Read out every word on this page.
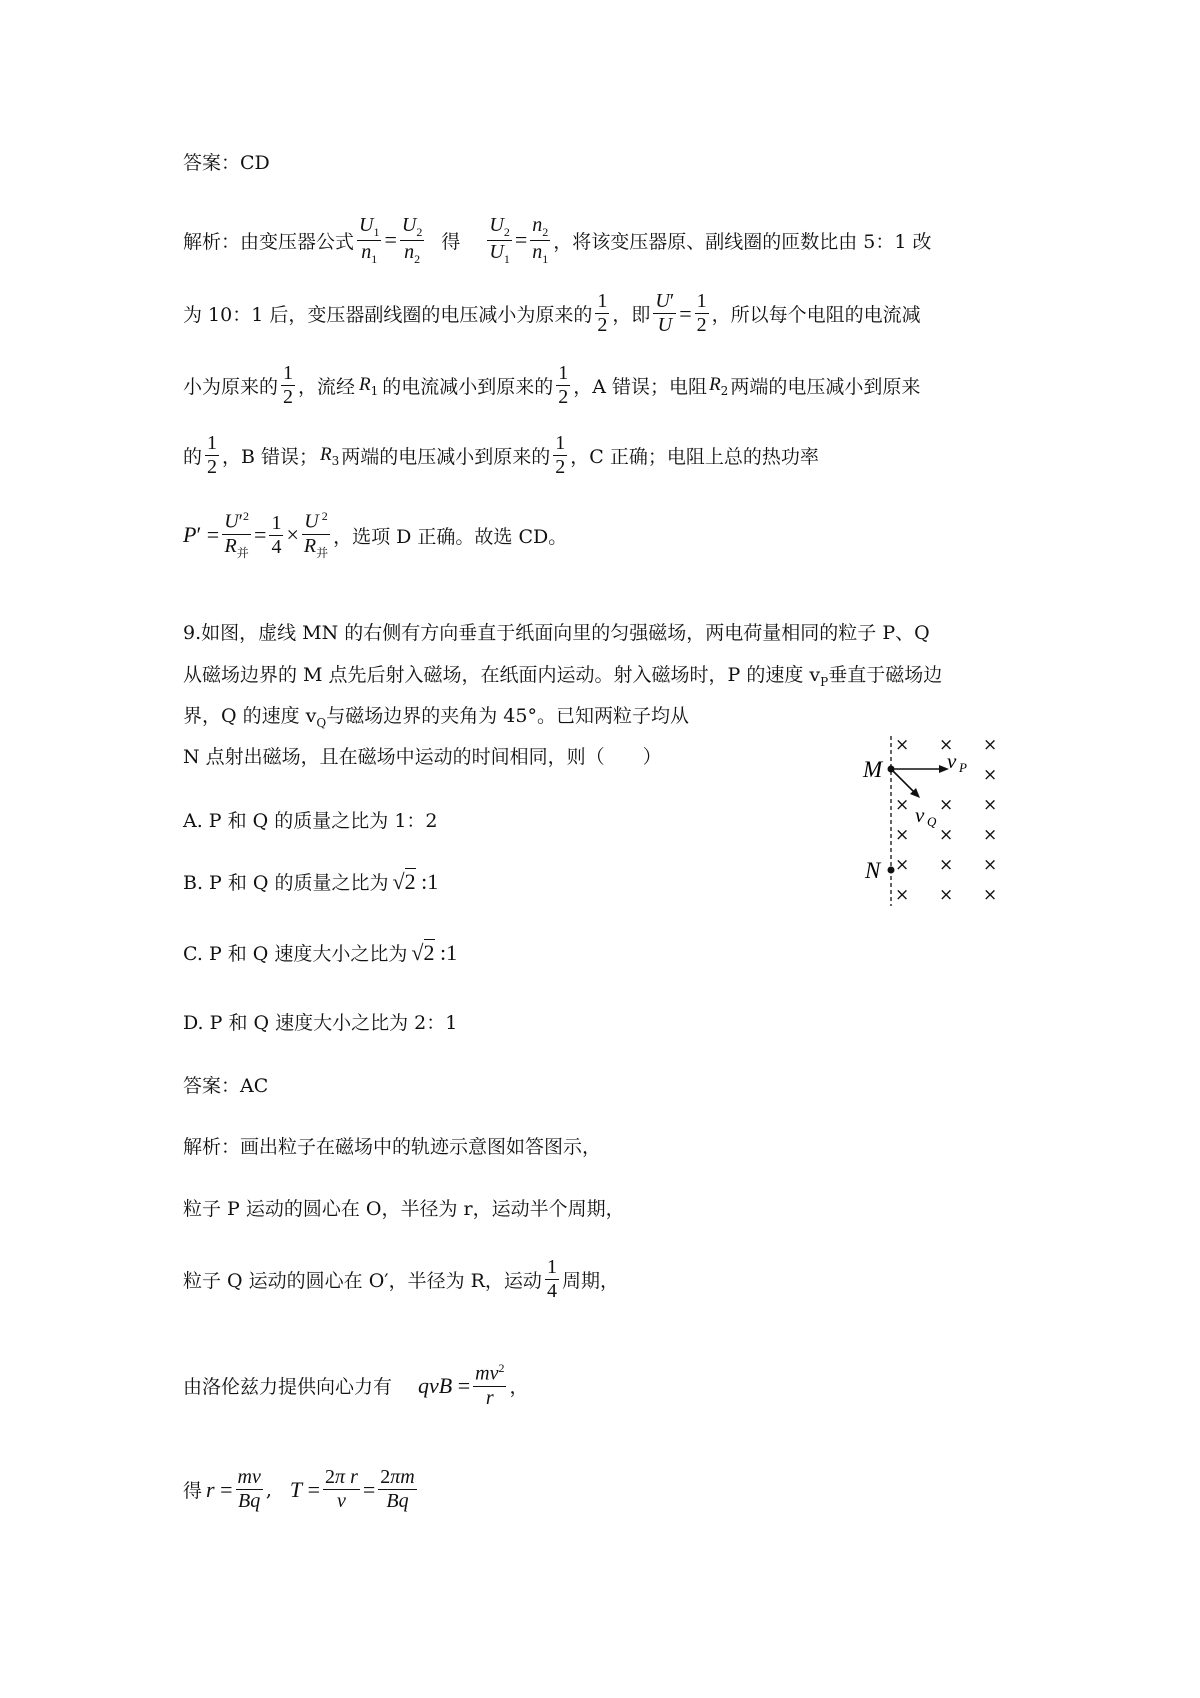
答案：CD
解析：由变压器公式 $\frac{U_1}{n_1} = \frac{U_2}{n_2}$ 得 $\frac{U_2}{U_1} = \frac{n_2}{n_1}$ ，将该变压器原、副线圈的匝数比由 5：1 改
为 10：1 后，变压器副线圈的电压减小为原来的 $\frac{1}{2}$ ，即 $\frac{U'}{U} = \frac{1}{2}$ ，所以每个电阻的电流减
小为原来的 $\frac{1}{2}$ ，流经 $R_1$ 的电流减小到原来的 $\frac{1}{2}$ ，A 错误；电阻 $R_2$ 两端的电压减小到原来
的 $\frac{1}{2}$ ，B 错误； $R_3$ 两端的电压减小到原来的 $\frac{1}{2}$ ，C 正确；电阻上总的热功率
$P' = \frac{U'^2}{R_并} = \frac{1}{4} \times \frac{U ^2}{R_并}$ ，选项 D 正确。故选 CD。
9.如图，虚线 MN 的右侧有方向垂直于纸面向里的匀强磁场，两电荷量相同的粒子 P、Q
从磁场边界的 M 点先后射入磁场，在纸面内运动。射入磁场时，P 的速度 $v_P$垂直于磁场边
界，Q 的速度 $v_Q$与磁场边界的夹角为 45°。已知两粒子均从
N 点射出磁场，且在磁场中运动的时间相同，则（　　）
A. P 和 Q 的质量之比为 1：2
B. P 和 Q 的质量之比为 √2 :1
C. P 和 Q 速度大小之比为 √2 :1
D. P 和 Q 速度大小之比为 2：1
答案：AC
解析：画出粒子在磁场中的轨迹示意图如答图示，
粒子 P 运动的圆心在 O，半径为 r，运动半个周期，
粒子 Q 运动的圆心在 O′，半径为 R，运动 $\frac{1}{4}$ 周期，
由洛伦兹力提供向心力有 qvB = $\frac{mv^2}{r}$ ，
得 $r = \frac{mv}{Bq}$ , $T = \frac{\text{2π r}}{v} = \frac{2\pi m}{Bq}$
× × ×
×
× × ×
× × ×
× × ×
× × ×
M
N
v P
v Q
